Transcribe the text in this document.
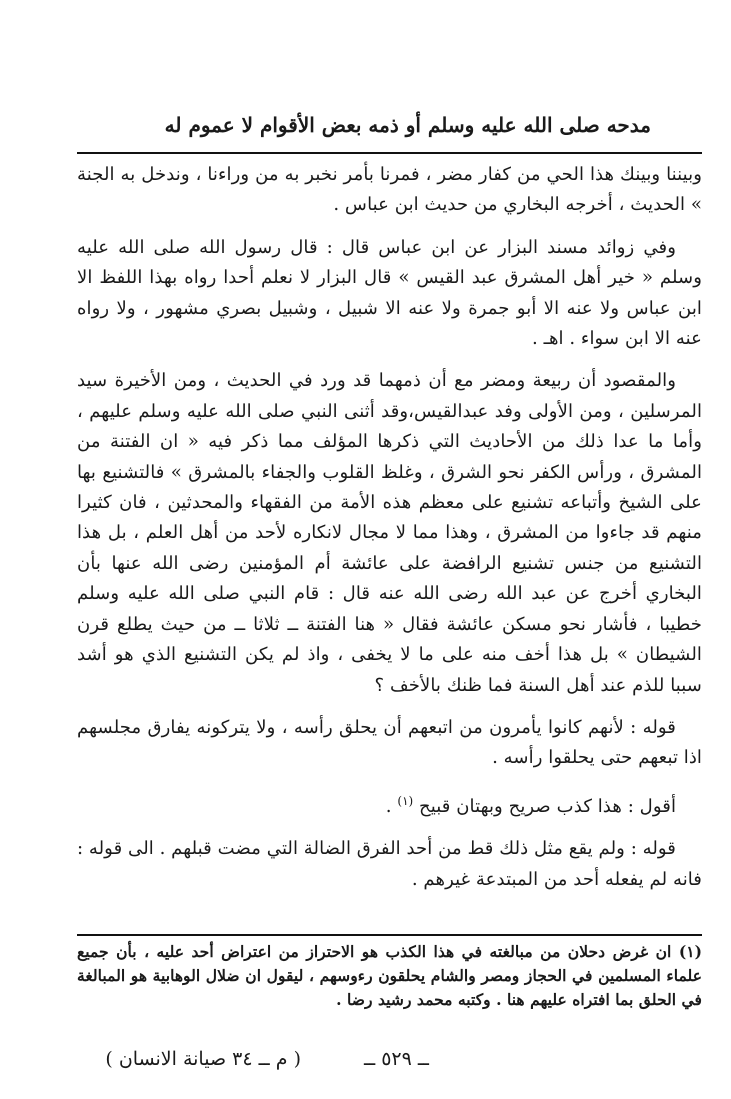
مدحه صلى الله عليه وسلم أو ذمه بعض الأقوام لا عموم له

وبيننا وبينك هذا الحي من كفار مضر ، فمرنا بأمر نخبر به من وراءنا ، وندخل به الجنة » الحديث ، أخرجه البخاري من حديث ابن عباس .

وفي زوائد مسند البزار عن ابن عباس قال : قال رسول الله صلى الله عليه وسلم « خير أهل المشرق عبد القيس » قال البزار لا نعلم أحدا رواه بهذا اللفظ الا ابن عباس ولا عنه الا أبو جمرة ولا عنه الا شبيل ، وشبيل بصري مشهور ، ولا رواه عنه الا ابن سواء . اهـ .

والمقصود أن ربيعة ومضر مع أن ذمهما قد ورد في الحديث ، ومن الأخيرة سيد المرسلين ، ومن الأولى وفد عبدالقيس،وقد أثنى النبي صلى الله عليه وسلم عليهم ، وأما ما عدا ذلك من الأحاديث التي ذكرها المؤلف مما ذكر فيه « ان الفتنة من المشرق ، ورأس الكفر نحو الشرق ، وغلظ القلوب والجفاء بالمشرق » فالتشنيع بها على الشيخ وأتباعه تشنيع على معظم هذه الأمة من الفقهاء والمحدثين ، فان كثيرا منهم قد جاءوا من المشرق ، وهذا مما لا مجال لانكاره لأحد من أهل العلم ، بل هذا التشنيع من جنس تشنيع الرافضة على عائشة أم المؤمنين رضى الله عنها بأن البخاري أخرج عن عبد الله رضى الله عنه قال : قام النبي صلى الله عليه وسلم خطيبا ، فأشار نحو مسكن عائشة فقال « هنا الفتنة ــ ثلاثا ــ من حيث يطلع قرن الشيطان » بل هذا أخف منه على ما لا يخفى ، واذ لم يكن التشنيع الذي هو أشد سببا للذم عند أهل السنة فما ظنك بالأخف ؟

قوله : لأنهم كانوا يأمرون من اتبعهم أن يحلق رأسه ، ولا يتركونه يفارق مجلسهم اذا تبعهم حتى يحلقوا رأسه .

أقول : هذا كذب صريح وبهتان قبيح $^{(١)}$ .

قوله : ولم يقع مثل ذلك قط من أحد الفرق الضالة التي مضت قبلهم . الى قوله : فانه لم يفعله أحد من المبتدعة غيرهم .

(١) ان غرض دحلان من مبالغته في هذا الكذب هو الاحتراز من اعتراض أحد عليه ، بأن جميع علماء المسلمين في الحجاز ومصر والشام يحلقون رءوسهم ، ليقول ان ضلال الوهابية هو المبالغة في الحلق بما افتراه عليهم هنا . وكتبه محمد رشيد رضا .

ــ ٥٢٩ ــ
( م ــ ٣٤ صيانة الانسان )
